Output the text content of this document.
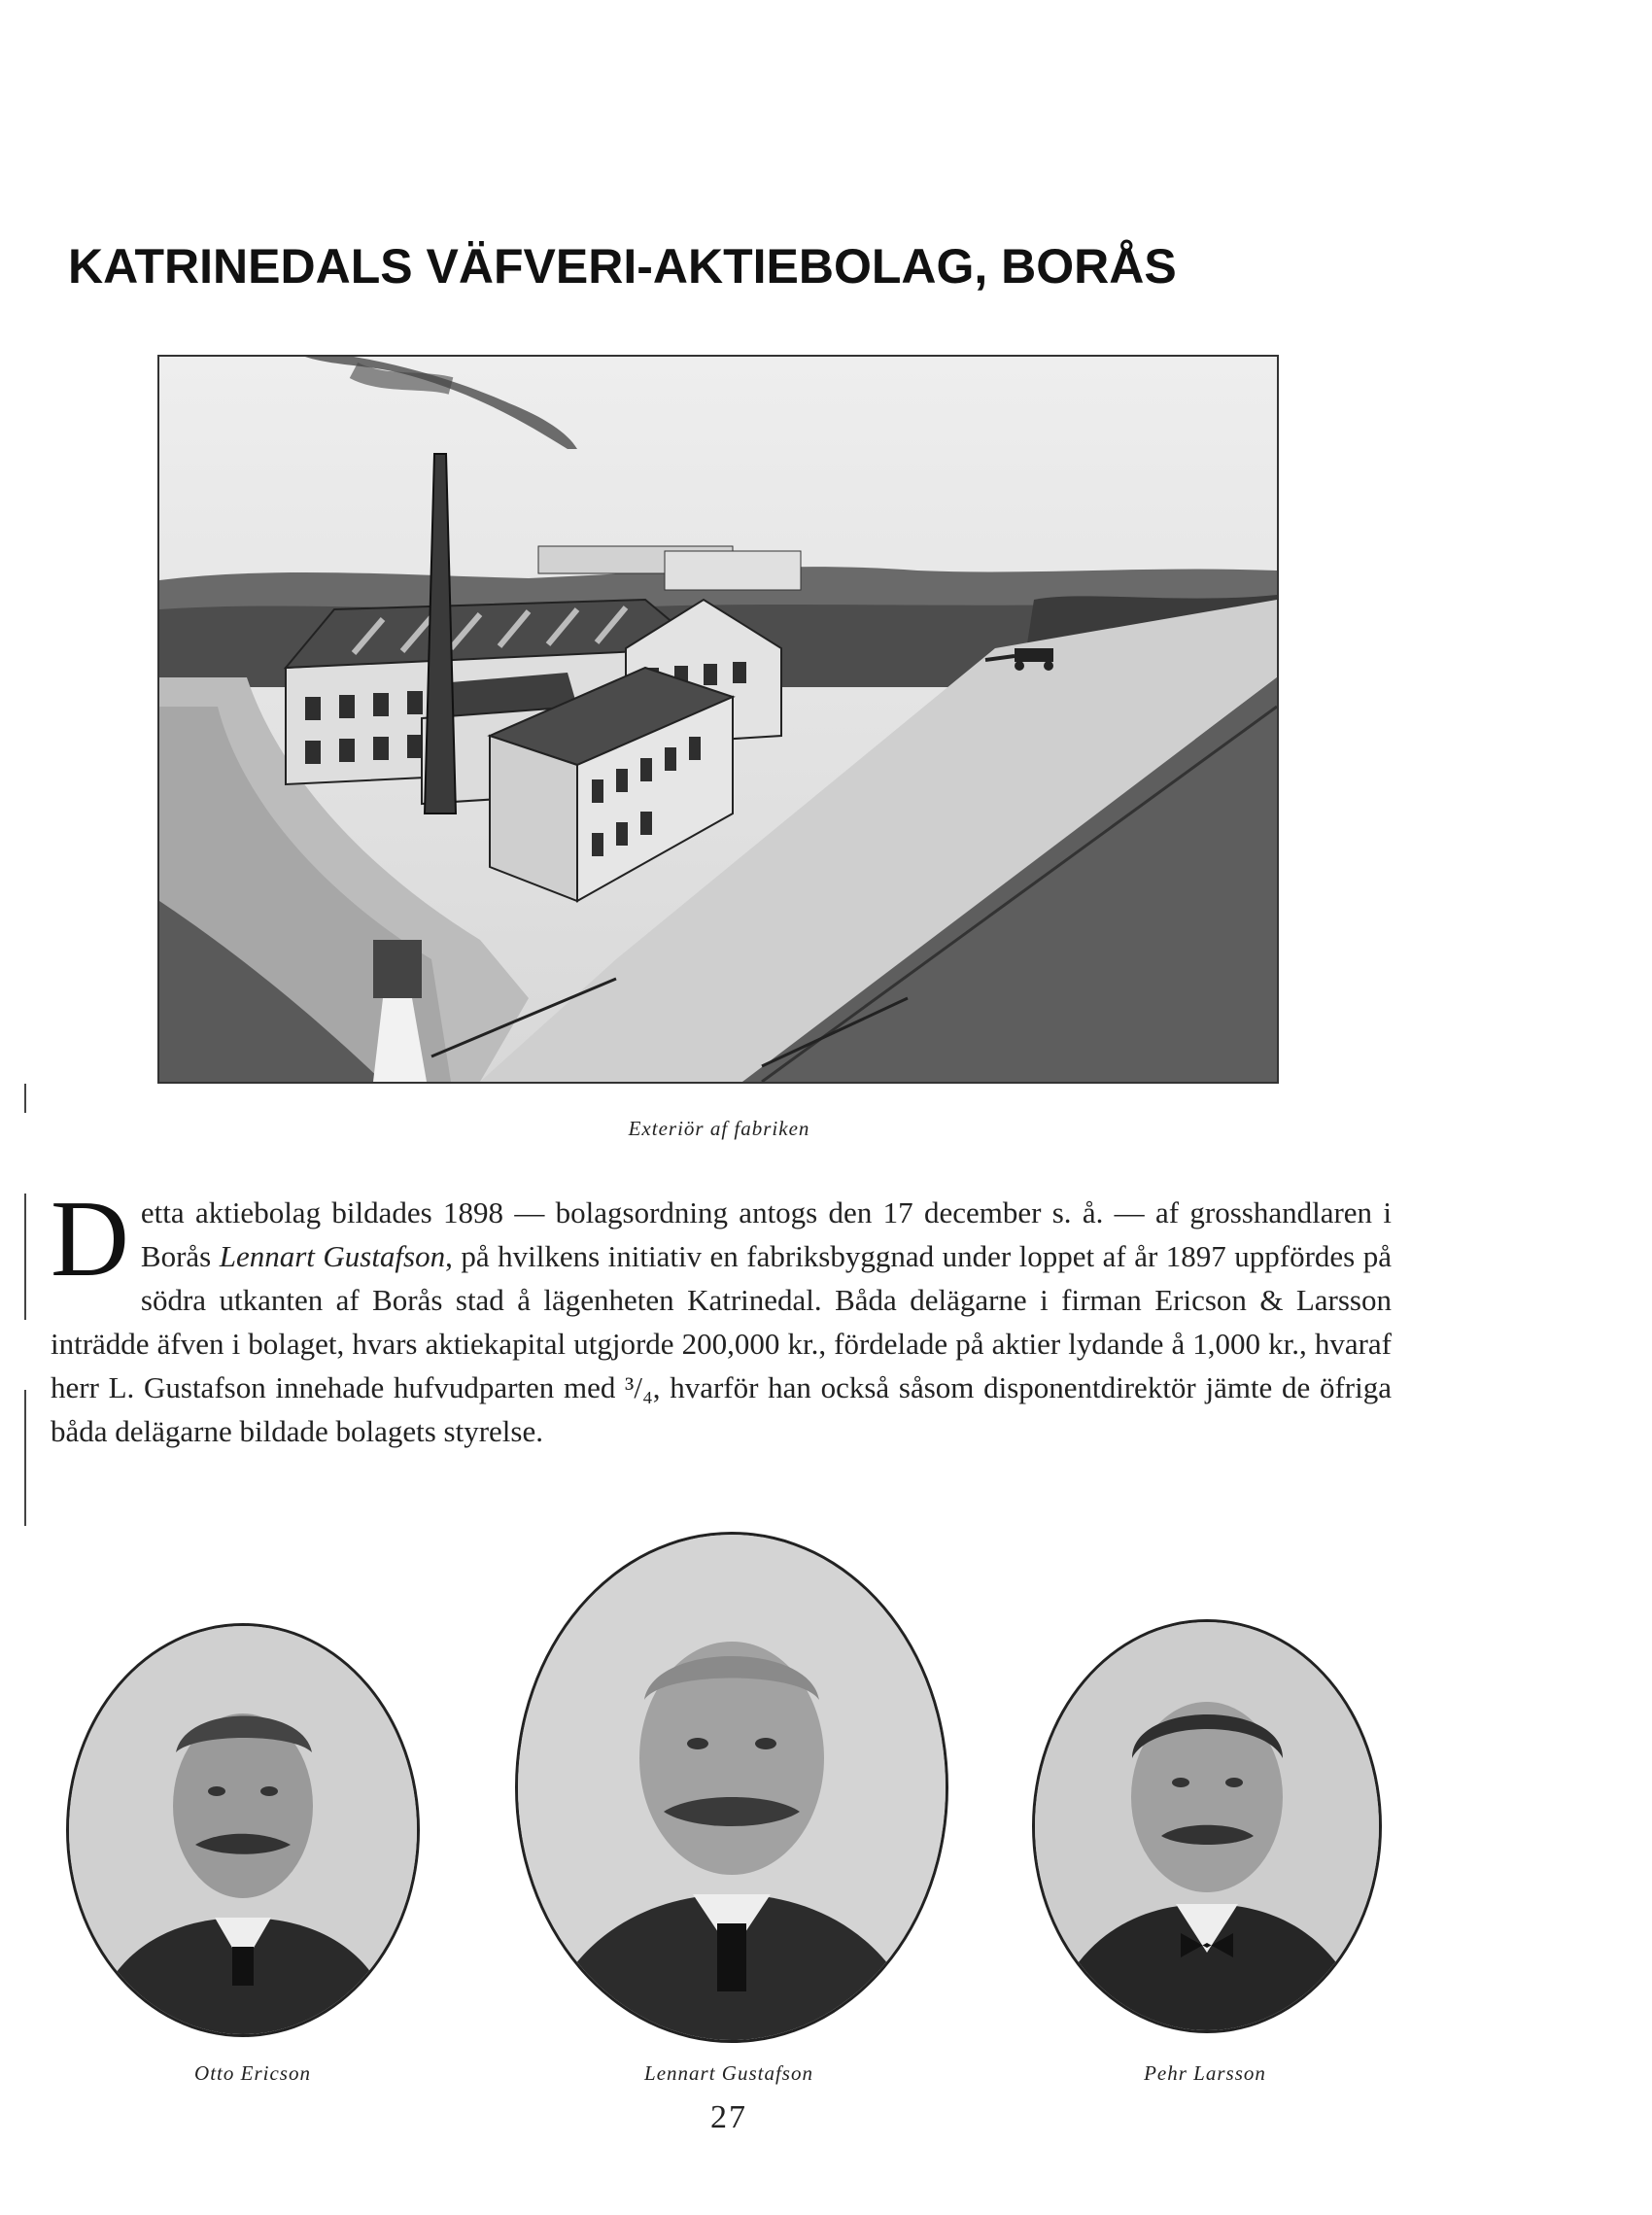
KATRINEDALS VÄFVERI-AKTIEBOLAG, BORÅS
Exteriör af fabriken
Detta aktiebolag bildades 1898 — bolagsordning antogs den 17 december s. å. — af grosshandlaren i Borås Lennart Gustafson, på hvilkens initiativ en fabriksbyggnad under loppet af år 1897 uppfördes på södra utkanten af Borås stad å lägenheten Katrinedal. Båda delägarne i firman Ericson & Larsson inträdde äfven i bolaget, hvars aktiekapital utgjorde 200,000 kr., fördelade på aktier lydande å 1,000 kr., hvaraf herr L. Gustafson innehade hufvudparten med ³/₄, hvarför han också såsom disponentdirektör jämte de öfriga båda delägarne bildade bolagets styrelse.
Otto Ericson	Lennart Gustafson	Pehr Larsson
27
